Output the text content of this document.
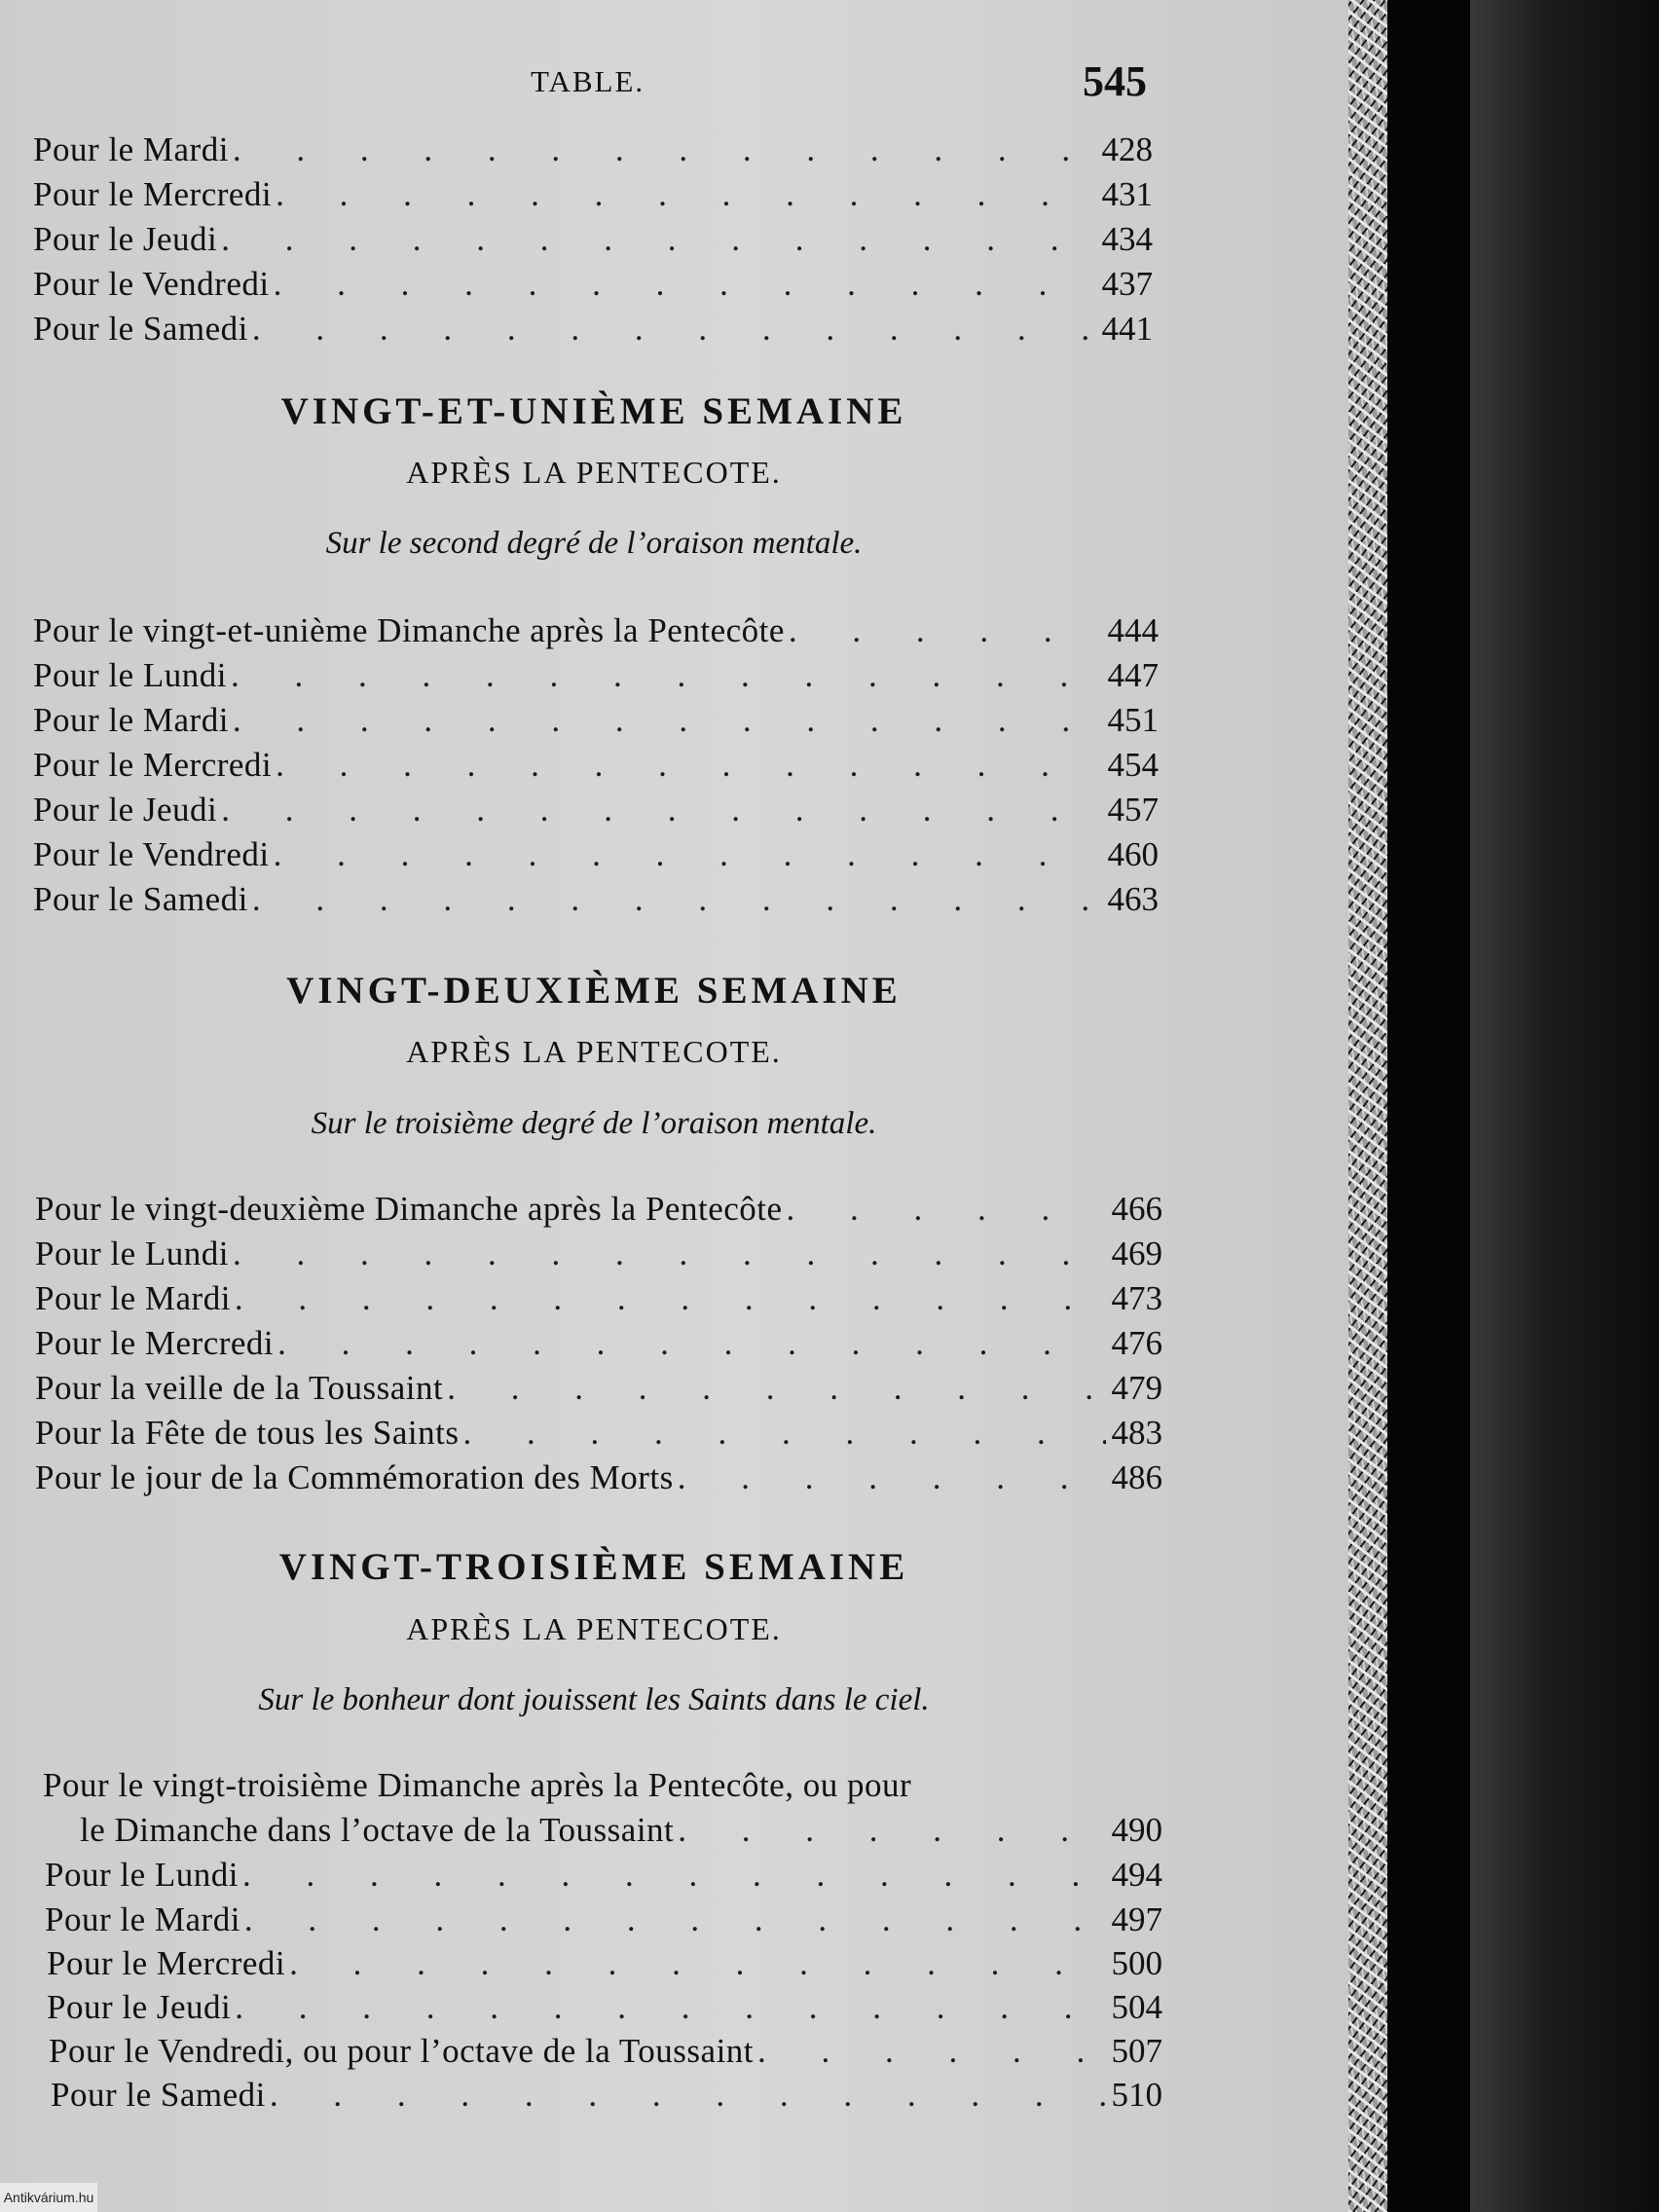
TABLE.	545
Pour le Mardi . . .	428
Pour le Mercredi . . .	431
Pour le Jeudi . . .	434
Pour le Vendredi . . .	437
Pour le Samedi . . .	441
VINGT-ET-UNIÈME SEMAINE
APRÈS LA PENTECOTE.
Sur le second degré de l’oraison mentale.
Pour le vingt-et-unième Dimanche après la Pentecôte . . .	444
Pour le Lundi . . .	447
Pour le Mardi . . .	451
Pour le Mercredi . . .	454
Pour le Jeudi . . .	457
Pour le Vendredi . . .	460
Pour le Samedi . . .	463
VINGT-DEUXIÈME SEMAINE
APRÈS LA PENTECOTE.
Sur le troisième degré de l’oraison mentale.
Pour le vingt-deuxième Dimanche après la Pentecôte . . .	466
Pour le Lundi . . .	469
Pour le Mardi . . .	473
Pour le Mercredi . . .	476
Pour la veille de la Toussaint . . .	479
Pour la Fête de tous les Saints . . .	483
Pour le jour de la Commémoration des Morts . . .	486
VINGT-TROISIÈME SEMAINE
APRÈS LA PENTECOTE.
Sur le bonheur dont jouissent les Saints dans le ciel.
Pour le vingt-troisième Dimanche après la Pentecôte, ou pour
le Dimanche dans l’octave de la Toussaint . . .	490
Pour le Lundi . . .	494
Pour le Mardi . . .	497
Pour le Mercredi . . .	500
Pour le Jeudi . . .	504
Pour le Vendredi, ou pour l’octave de la Toussaint . . .	507
Pour le Samedi . . .	510
Antikvárium.hu
